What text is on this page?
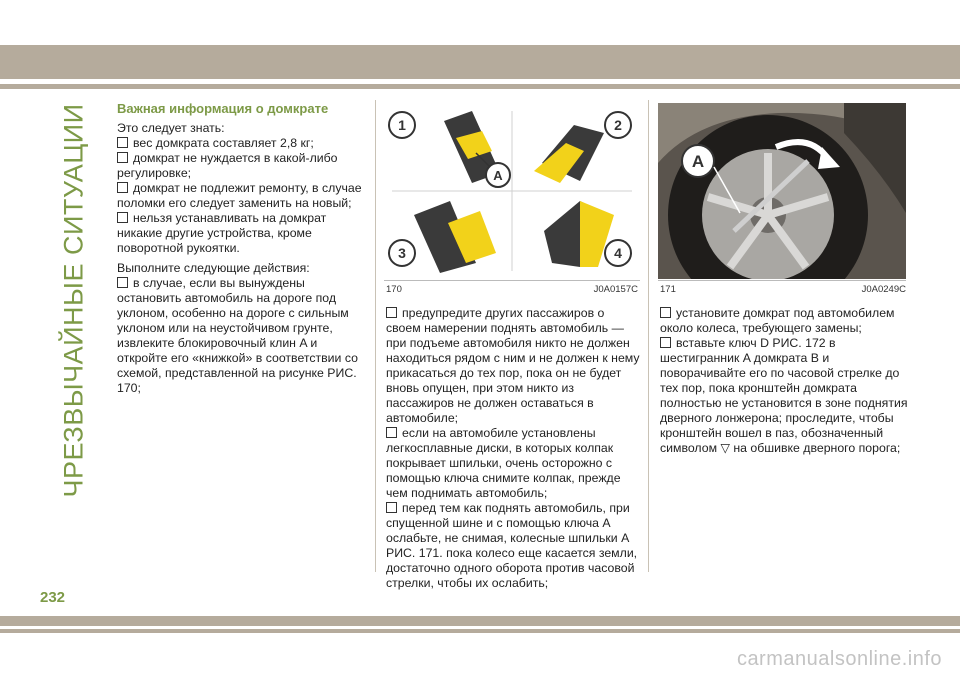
ЧРЕЗВЫЧАЙНЫЕ СИТУАЦИИ Важная информация о домкрате

Это следует знать:

вес домкрата составляет 2,8 кг;

домкрат не нуждается в какой-либо регулировке;

домкрат не подлежит ремонту, в случае поломки его следует заменить на новый;

нельзя устанавливать на домкрат никакие другие устройства, кроме поворотной рукоятки.

Выполните следующие действия:

в случае, если вы вынуждены остановить автомобиль на дороге под уклоном, особенно на дороге с сильным уклоном или на неустойчивом грунте, извлеките блокировочный клин A и откройте его «книжкой» в соответствии со схемой, представленной на рисунке РИС. 170;

1	2
3	4
A
170	J0A0157C

предупредите других пассажиров о своем намерении поднять автомобиль — при подъеме автомобиля никто не должен находиться рядом с ним и не должен к нему прикасаться до тех пор, пока он не будет вновь опущен, при этом никто из пассажиров не должен оставаться в автомобиле;

если на автомобиле установлены легкосплавные диски, в которых колпак покрывает шпильки, очень осторожно с помощью ключа снимите колпак, прежде чем поднимать автомобиль;

перед тем как поднять автомобиль, при спущенной шине и с помощью ключа A ослабьте, не снимая, колесные шпильки A РИС. 171. пока колесо еще касается земли, достаточно одного оборота против часовой стрелки, чтобы их ослабить;

A
171	J0A0249C

установите домкрат под автомобилем около колеса, требующего замены;

вставьте ключ D РИС. 172 в шестигранник A домкрата B и поворачивайте его по часовой стрелке до тех пор, пока кронштейн домкрата полностью не установится в зоне поднятия дверного лонжерона; проследите, чтобы кронштейн вошел в паз, обозначенный символом ▽ на обшивке дверного порога;

232
carmanualsonline.info
